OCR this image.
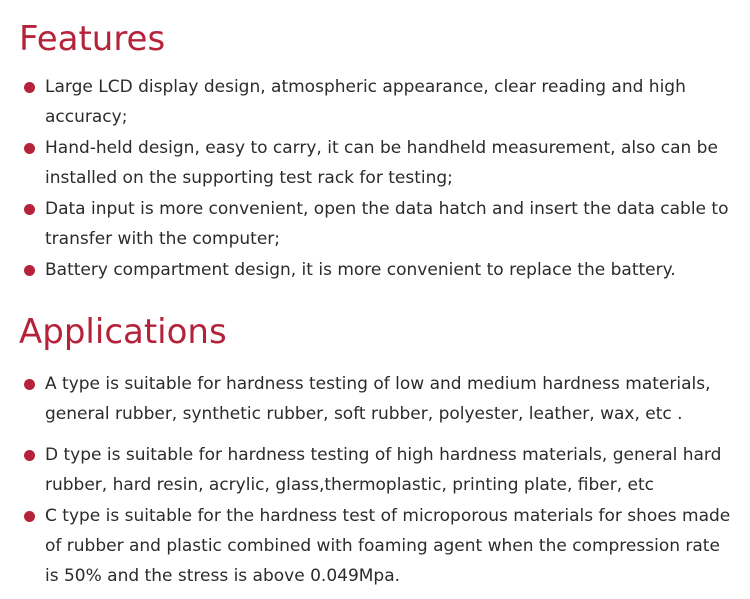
Features
Large LCD display design, atmospheric appearance, clear reading and high
accuracy;
Hand-held design, easy to carry, it can be handheld measurement, also can be
installed on the supporting test rack for testing;
Data input is more convenient, open the data hatch and insert the data cable to
transfer with the computer;
Battery compartment design, it is more convenient to replace the battery.
Applications
A type is suitable for hardness testing of low and medium hardness materials,
general rubber, synthetic rubber, soft rubber, polyester, leather, wax, etc .
D type is suitable for hardness testing of high hardness materials, general hard
rubber, hard resin, acrylic, glass,thermoplastic, printing plate, fiber, etc
C type is suitable for the hardness test of microporous materials for shoes made
of rubber and plastic combined with foaming agent when the compression rate
is 50% and the stress is above 0.049Mpa.
